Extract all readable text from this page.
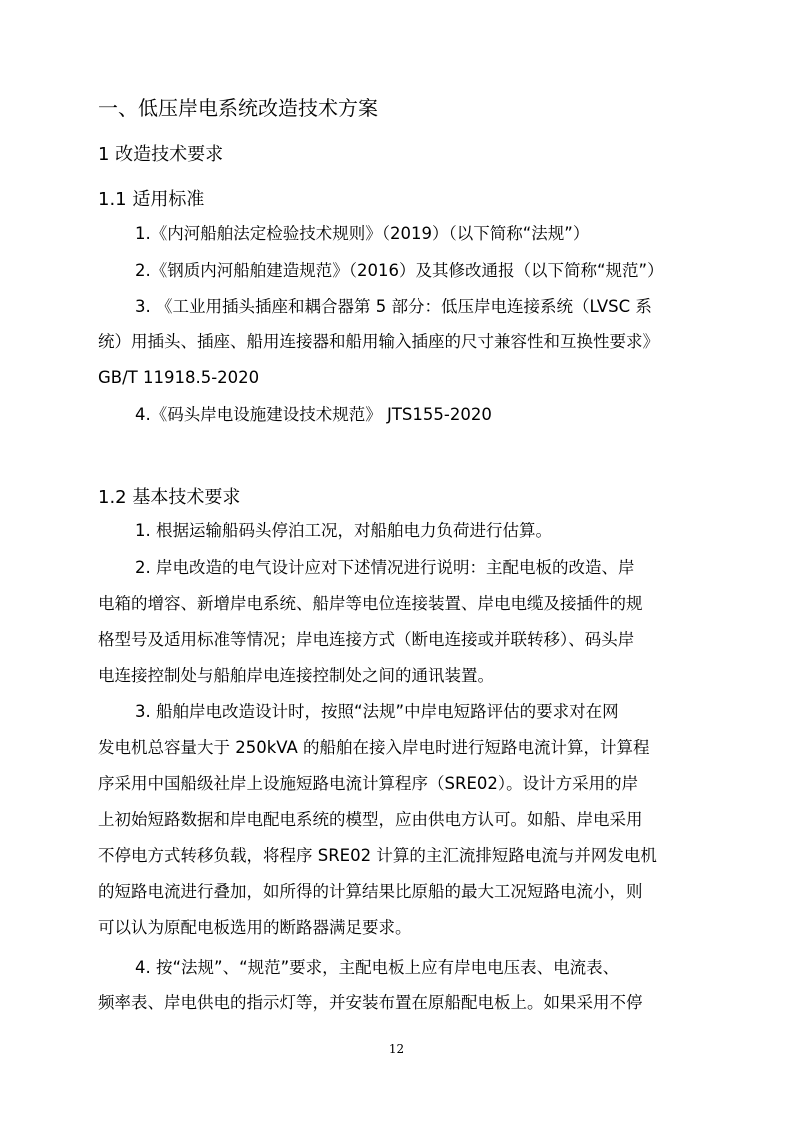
一、低压岸电系统改造技术方案
1 改造技术要求
1.1 适用标准
1.《内河船舶法定检验技术规则》（2019）（以下简称“法规”）
2.《钢质内河船舶建造规范》（2016）及其修改通报（以下简称“规范”）
3. 《工业用插头插座和耦合器第 5 部分：低压岸电连接系统（LVSC 系
统）用插头、插座、船用连接器和船用输入插座的尺寸兼容性和互换性要求》
GB/T 11918.5-2020
4.《码头岸电设施建设技术规范》 JTS155-2020
1.2 基本技术要求
1. 根据运输船码头停泊工况，对船舶电力负荷进行估算。
2. 岸电改造的电气设计应对下述情况进行说明：主配电板的改造、岸
电箱的增容、新增岸电系统、船岸等电位连接装置、岸电电缆及接插件的规
格型号及适用标准等情况；岸电连接方式（断电连接或并联转移）、码头岸
电连接控制处与船舶岸电连接控制处之间的通讯装置。
3. 船舶岸电改造设计时，按照“法规”中岸电短路评估的要求对在网
发电机总容量大于 250kVA 的船舶在接入岸电时进行短路电流计算，计算程
序采用中国船级社岸上设施短路电流计算程序（SRE02）。设计方采用的岸
上初始短路数据和岸电配电系统的模型，应由供电方认可。如船、岸电采用
不停电方式转移负载，将程序 SRE02 计算的主汇流排短路电流与并网发电机
的短路电流进行叠加，如所得的计算结果比原船的最大工况短路电流小，则
可以认为原配电板选用的断路器满足要求。
4. 按“法规”、“规范”要求，主配电板上应有岸电电压表、电流表、
频率表、岸电供电的指示灯等，并安装布置在原船配电板上。如果采用不停
12
